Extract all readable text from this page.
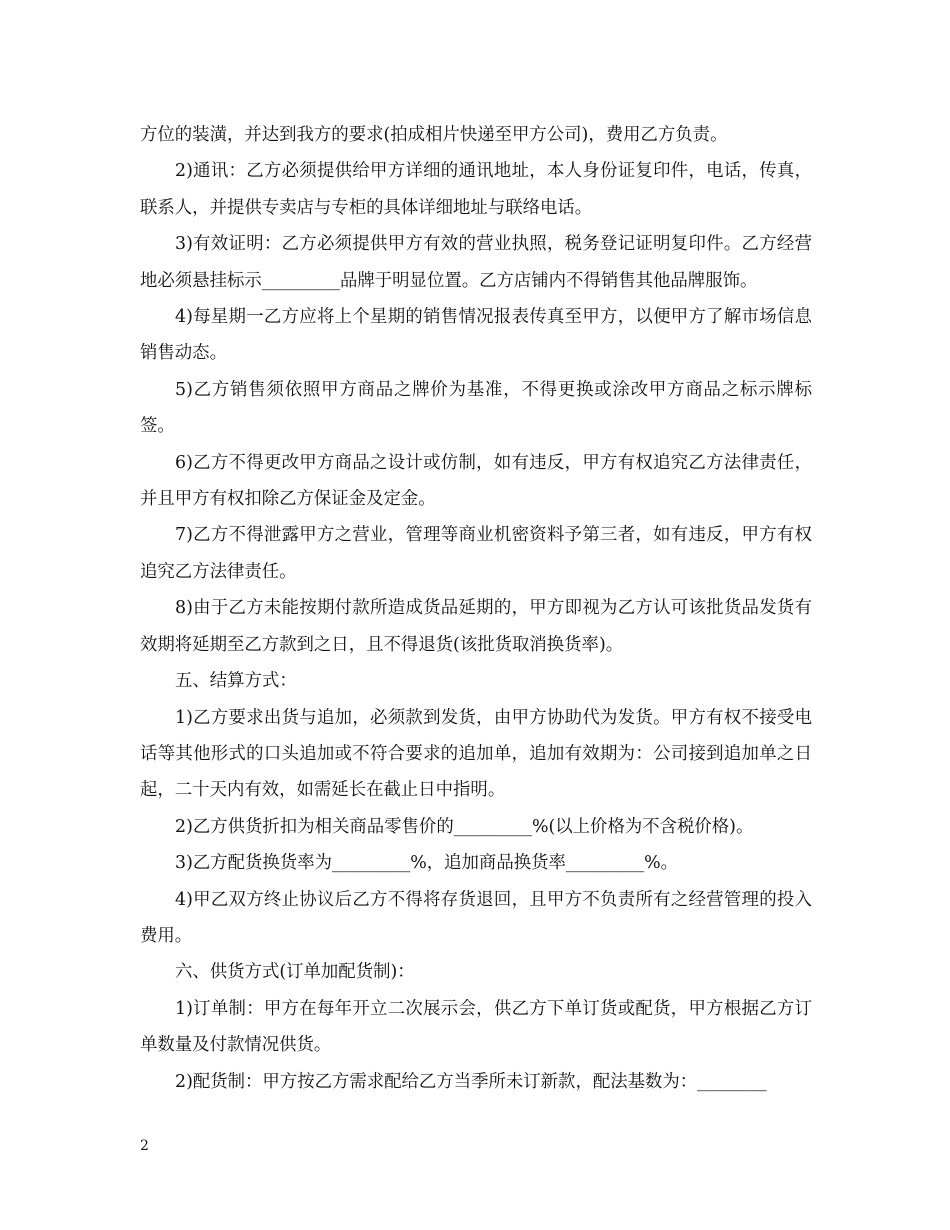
方位的装潢，并达到我方的要求(拍成相片快递至甲方公司)，费用乙方负责。

2)通讯：乙方必须提供给甲方详细的通讯地址，本人身份证复印件，电话，传真，联系人，并提供专卖店与专柜的具体详细地址与联络电话。

3)有效证明：乙方必须提供甲方有效的营业执照，税务登记证明复印件。乙方经营地必须悬挂标示_________品牌于明显位置。乙方店铺内不得销售其他品牌服饰。

4)每星期一乙方应将上个星期的销售情况报表传真至甲方，以便甲方了解市场信息销售动态。

5)乙方销售须依照甲方商品之牌价为基准，不得更换或涂改甲方商品之标示牌标签。

6)乙方不得更改甲方商品之设计或仿制，如有违反，甲方有权追究乙方法律责任，并且甲方有权扣除乙方保证金及定金。

7)乙方不得泄露甲方之营业，管理等商业机密资料予第三者，如有违反，甲方有权追究乙方法律责任。

8)由于乙方未能按期付款所造成货品延期的，甲方即视为乙方认可该批货品发货有效期将延期至乙方款到之日，且不得退货(该批货取消换货率)。

五、结算方式：

1)乙方要求出货与追加，必须款到发货，由甲方协助代为发货。甲方有权不接受电话等其他形式的口头追加或不符合要求的追加单，追加有效期为：公司接到追加单之日起，二十天内有效，如需延长在截止日中指明。

2)乙方供货折扣为相关商品零售价的_________%(以上价格为不含税价格)。

3)乙方配货换货率为_________%，追加商品换货率_________%。

4)甲乙双方终止协议后乙方不得将存货退回，且甲方不负责所有之经营管理的投入费用。

六、供货方式(订单加配货制)：

1)订单制：甲方在每年开立二次展示会，供乙方下单订货或配货，甲方根据乙方订单数量及付款情况供货。

2)配货制：甲方按乙方需求配给乙方当季所未订新款，配法基数为：________

2
